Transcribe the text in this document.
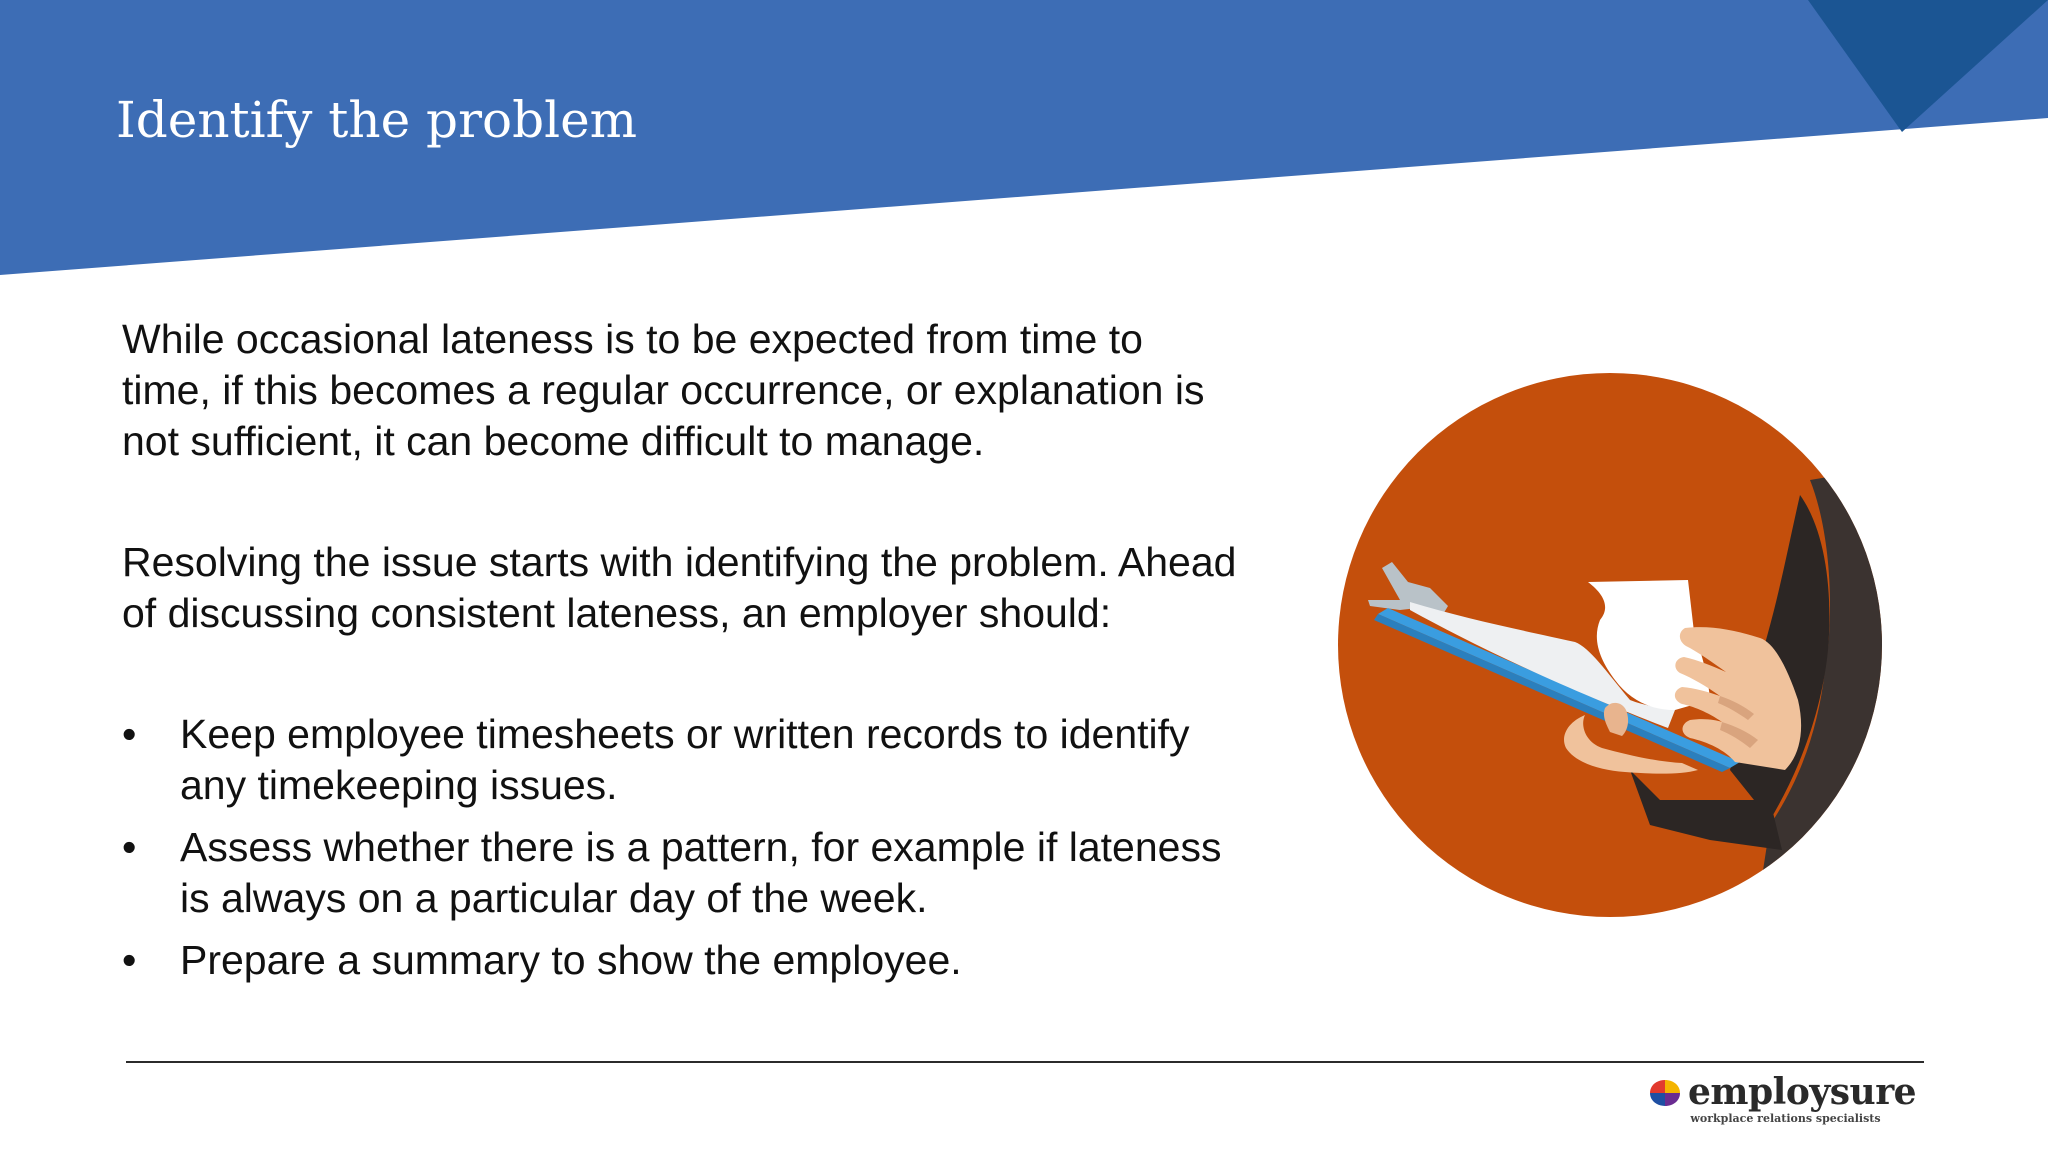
Identify the problem

While occasional lateness is to be expected from time to time, if this becomes a regular occurrence, or explanation is not sufficient, it can become difficult to manage.

Resolving the issue starts with identifying the problem. Ahead of discussing consistent lateness, an employer should:

• Keep employee timesheets or written records to identify any timekeeping issues.
• Assess whether there is a pattern, for example if lateness is always on a particular day of the week.
• Prepare a summary to show the employee.
employsure
workplace relations specialists
